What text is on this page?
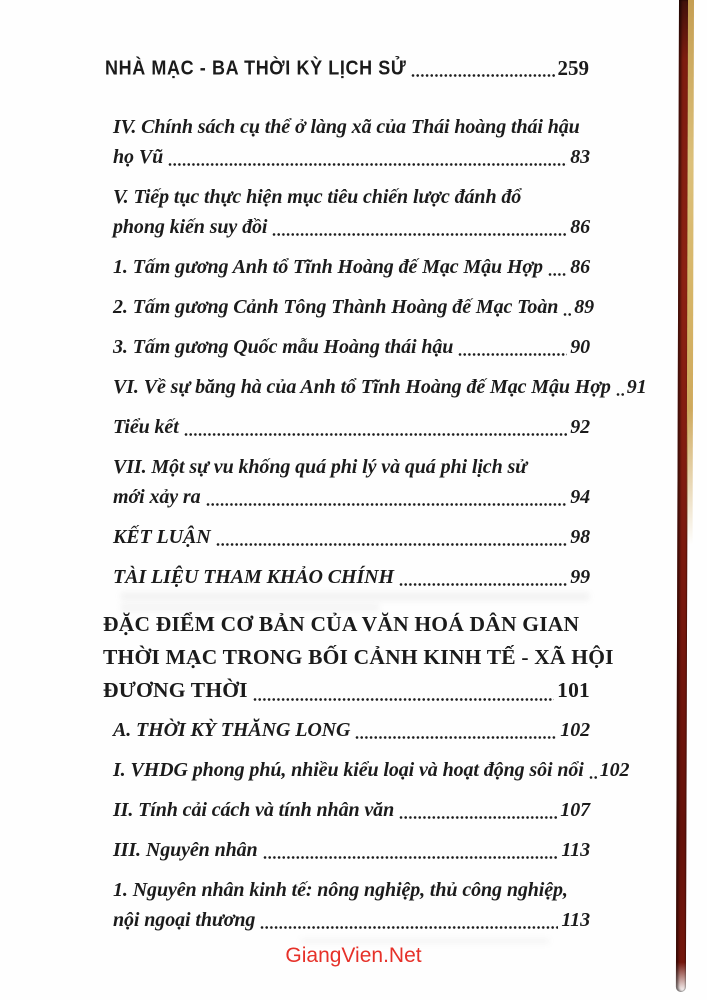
NHÀ MẠC - BA THỜI KỲ LỊCH SỬ	259
IV. Chính sách cụ thể ở làng xã của Thái hoàng thái hậu
họ Vũ	83
V. Tiếp tục thực hiện mục tiêu chiến lược đánh đổ
phong kiến suy đồi	86
1. Tấm gương Anh tổ Tĩnh Hoàng đế Mạc Mậu Hợp 86
2. Tấm gương Cảnh Tông Thành Hoàng đế Mạc Toàn 89
3. Tấm gương Quốc mẫu Hoàng thái hậu	90
VI. Về sự băng hà của Anh tổ Tĩnh Hoàng đế Mạc Mậu Hợp 91
Tiểu kết	92
VII. Một sự vu khống quá phi lý và quá phi lịch sử
mới xảy ra	94
KẾT LUẬN	98
TÀI LIỆU THAM KHẢO CHÍNH	99
ĐẶC ĐIỂM CƠ BẢN CỦA VĂN HOÁ DÂN GIAN
THỜI MẠC TRONG BỐI CẢNH KINH TẾ - XÃ HỘI
ĐƯƠNG THỜI	101
A. THỜI KỲ THĂNG LONG	102
I. VHDG phong phú, nhiều kiểu loại và hoạt động sôi nổi 102
II. Tính cải cách và tính nhân văn	107
III. Nguyên nhân	113
1. Nguyên nhân kinh tế: nông nghiệp, thủ công nghiệp,
nội ngoại thương	113
GiangVien.Net
